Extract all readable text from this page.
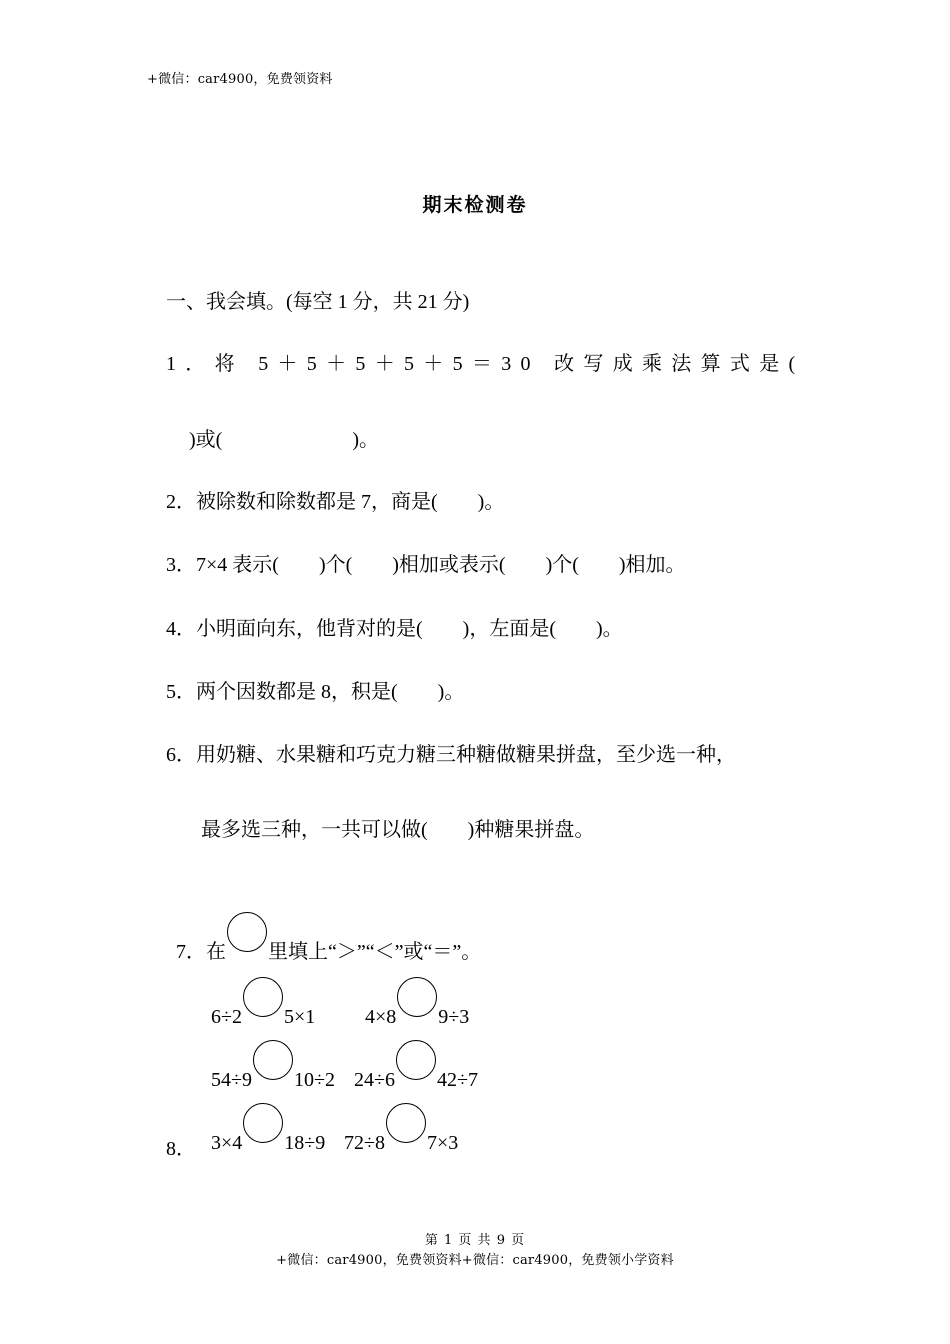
+微信：car4900，免费领资料
期末检测卷
一、我会填。(每空 1 分，共 21 分)
1．将 5＋5＋5＋5＋5＝30 改写成乘法算式是(
)或(                          )。
2．被除数和除数都是 7，商是(        )。
3．7×4 表示(        )个(        )相加或表示(        )个(        )相加。
4．小明面向东，他背对的是(        )，左面是(        )。
5．两个因数都是 8，积是(        )。
6．用奶糖、水果糖和巧克力糖三种糖做糖果拼盘，至少选一种，
最多选三种，一共可以做(        )种糖果拼盘。

7．在 里填上“＞”“＜”或“＝”。

6÷2 5×1	4×8 9÷3

54÷9 10÷2 24÷6 42÷7

3×4 18÷9 72÷8 7×3

8．
第 1 页 共 9 页
+微信：car4900，免费领资料+微信：car4900，免费领小学资料
